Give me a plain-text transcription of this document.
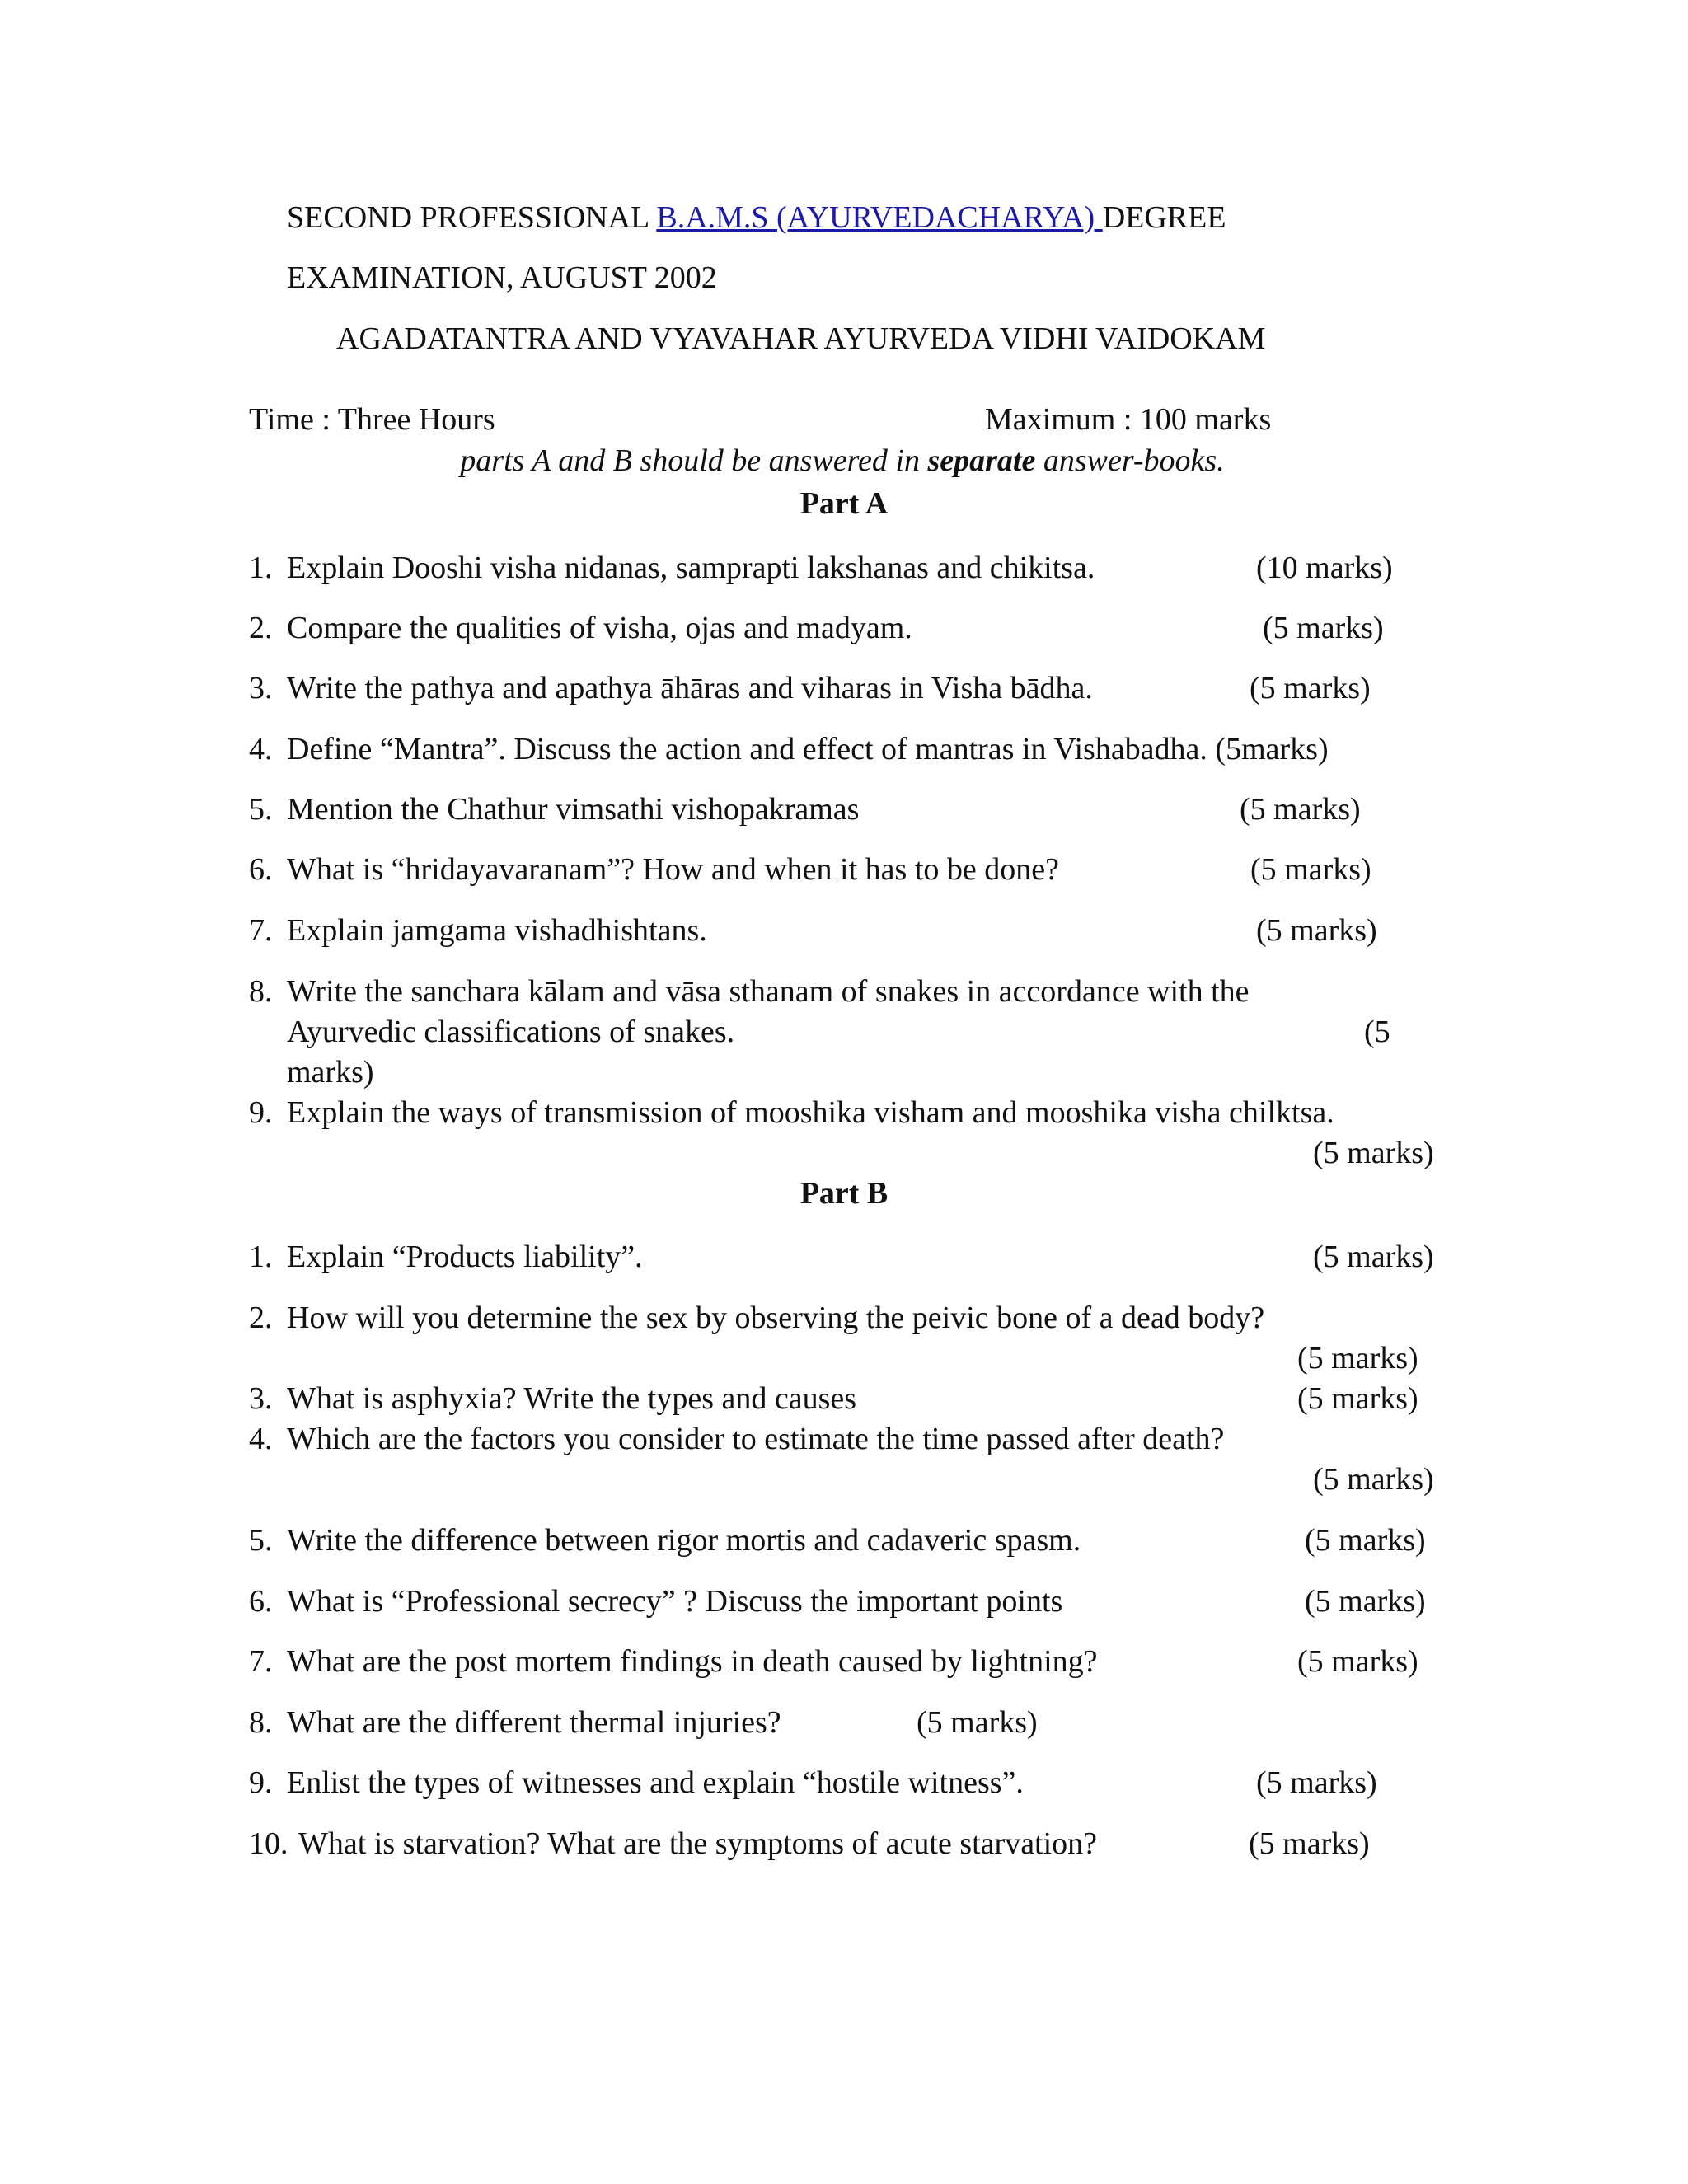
SECOND PROFESSIONAL B.A.M.S (AYURVEDACHARYA) DEGREE
EXAMINATION, AUGUST 2002
AGADATANTRA AND VYAVAHAR AYURVEDA VIDHI VAIDOKAM
Time : Three Hours	Maximum : 100 marks
parts A and B should be answered in separate answer-books.
Part A
1. Explain Dooshi visha nidanas, samprapti lakshanas and chikitsa.	(10 marks)
2. Compare the qualities of visha, ojas and madyam.	(5 marks)
3. Write the pathya and apathya āhāras and viharas in Visha bādha.	(5 marks)
4. Define “Mantra”. Discuss the action and effect of mantras in Vishabadha. (5marks)
5. Mention the Chathur vimsathi vishopakramas	(5 marks)
6. What is “hridayavaranam”? How and when it has to be done?	(5 marks)
7. Explain jamgama vishadhishtans.	(5 marks)
8. Write the sanchara kālam and vāsa sthanam of snakes in accordance with the
Ayurvedic classifications of snakes.	(5
marks)
9. Explain the ways of transmission of mooshika visham and mooshika visha chilktsa.
(5 marks)
Part B
1. Explain “Products liability”.	(5 marks)
2. How will you determine the sex by observing the peivic bone of a dead body?
(5 marks)
3. What is asphyxia? Write the types and causes	(5 marks)
4. Which are the factors you consider to estimate the time passed after death?
(5 marks)
5. Write the difference between rigor mortis and cadaveric spasm.	(5 marks)
6. What is “Professional secrecy” ? Discuss the important points	(5 marks)
7. What are the post mortem findings in death caused by lightning?	(5 marks)
8. What are the different thermal injuries?	(5 marks)
9. Enlist the types of witnesses and explain “hostile witness”.	(5 marks)
10. What is starvation? What are the symptoms of acute starvation?	(5 marks)
